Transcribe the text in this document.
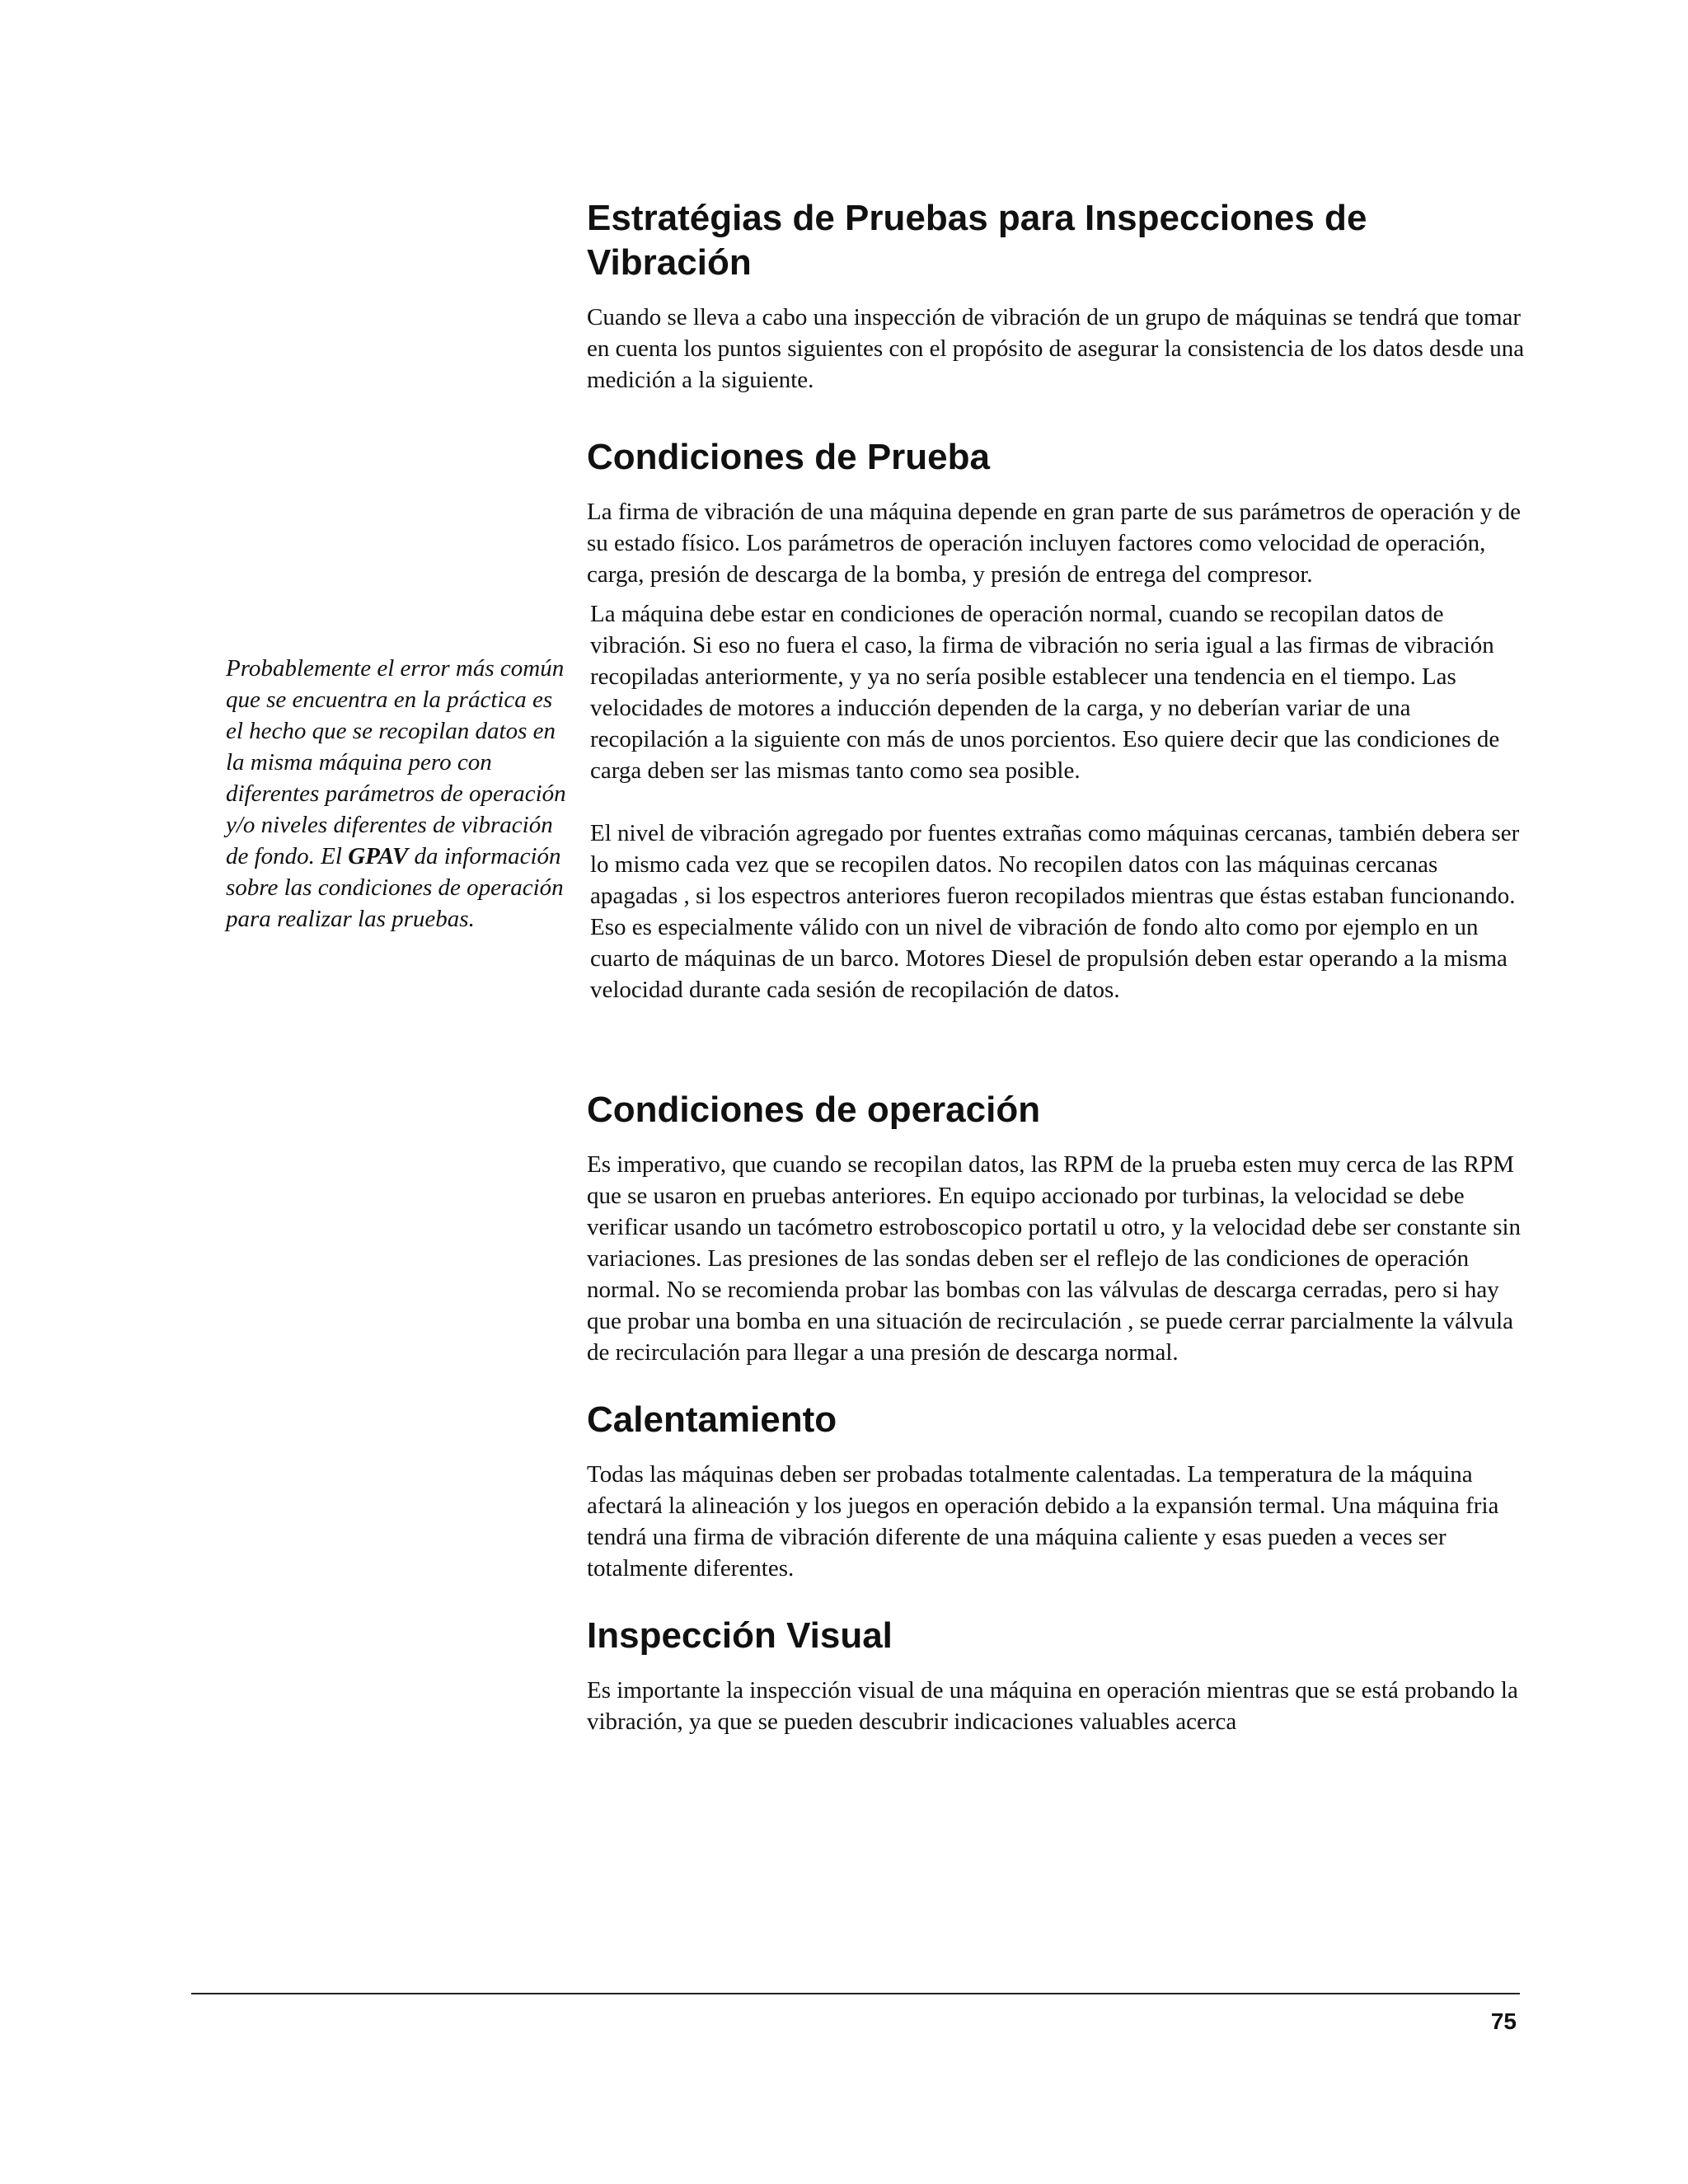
Estratégias de Pruebas para Inspecciones de Vibración

Cuando se lleva a cabo una inspección de vibración de un grupo de máquinas se tendrá que tomar en cuenta los puntos siguientes con el propósito de asegurar la consistencia de los datos desde una medición a la siguiente.

Condiciones de Prueba

La firma de vibración de una máquina depende en gran parte de sus parámetros de operación y de su estado físico. Los parámetros de operación incluyen factores como velocidad de operación, carga, presión de descarga de la bomba, y presión de entrega del compresor.

La máquina debe estar en condiciones de operación normal, cuando se recopilan datos de vibración. Si eso no fuera el caso, la firma de vibración no seria igual a las firmas de vibración recopiladas anteriormente, y ya no sería posible establecer una tendencia en el tiempo. Las velocidades de motores a inducción dependen de la carga, y no deberían variar de una recopilación a la siguiente con más de unos porcientos. Eso quiere decir que las condiciones de carga deben ser las mismas tanto como sea posible.

El nivel de vibración agregado por fuentes extrañas como máquinas cercanas, también debera ser lo mismo cada vez que se recopilen datos. No recopilen datos con las máquinas cercanas apagadas , si los espectros anteriores fueron recopilados mientras que éstas estaban funcionando. Eso es especialmente válido con un nivel de vibración de fondo alto como por ejemplo en un cuarto de máquinas de un barco. Motores Diesel de propulsión deben estar operando a la misma velocidad durante cada sesión de recopilación de datos.

Condiciones de operación

Es imperativo, que cuando se recopilan datos, las RPM de la prueba esten muy cerca de las RPM que se usaron en pruebas anteriores. En equipo accionado por turbinas, la velocidad se debe verificar usando un tacómetro estroboscopico portatil u otro, y la velocidad debe ser constante sin variaciones. Las presiones de las sondas deben ser el reflejo de las condiciones de operación normal. No se recomienda probar las bombas con las válvulas de descarga cerradas, pero si hay que probar una bomba en una situación de recirculación , se puede cerrar parcialmente la válvula de recirculación para llegar a una presión de descarga normal.

Calentamiento

Todas las máquinas deben ser probadas totalmente calentadas. La temperatura de la máquina afectará la alineación y los juegos en operación debido a la expansión termal. Una máquina fria tendrá una firma de vibración diferente de una máquina caliente y esas pueden a veces ser totalmente diferentes.

Inspección Visual

Es importante la inspección visual de una máquina en operación mientras que se está probando la vibración, ya que se pueden descubrir indicaciones valuables acerca

Probablemente el error más común que se encuentra en la práctica es el hecho que se recopilan datos en la misma máquina pero con diferentes parámetros de operación y/o niveles diferentes de vibración de fondo. El GPAV da información sobre las condiciones de operación para realizar las pruebas.
75
